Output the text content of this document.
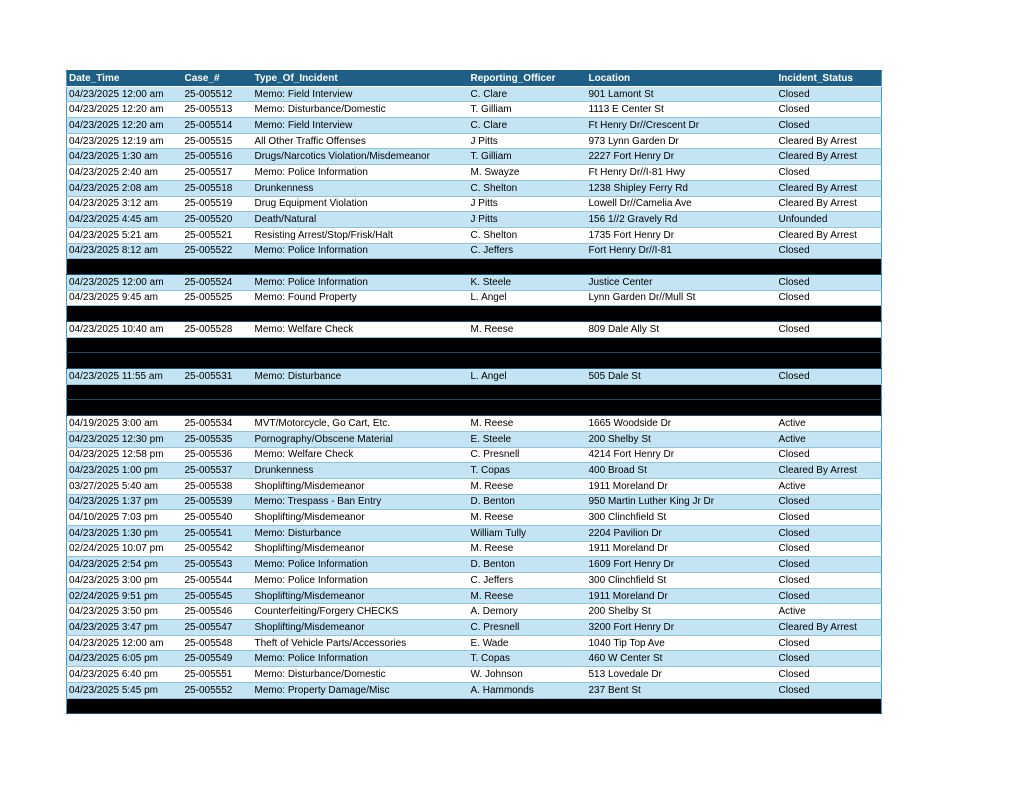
Date_Time	Case_#	Type_Of_Incident	Reporting_Officer	Location	Incident_Status
04/23/2025 12:00 am	25-005512	Memo: Field Interview	C. Clare	901 Lamont St	Closed
04/23/2025 12:20 am	25-005513	Memo: Disturbance/Domestic	T. Gilliam	1113 E Center St	Closed
04/23/2025 12:20 am	25-005514	Memo: Field Interview	C. Clare	Ft Henry Dr//Crescent Dr	Closed
04/23/2025 12:19 am	25-005515	All Other Traffic Offenses	J Pitts	973 Lynn Garden Dr	Cleared By Arrest
04/23/2025 1:30 am	25-005516	Drugs/Narcotics Violation/Misdemeanor	T. Gilliam	2227 Fort Henry Dr	Cleared By Arrest
04/23/2025 2:40 am	25-005517	Memo: Police Information	M. Swayze	Ft Henry Dr//I-81 Hwy	Closed
04/23/2025 2:08 am	25-005518	Drunkenness	C. Shelton	1238 Shipley Ferry Rd	Cleared By Arrest
04/23/2025 3:12 am	25-005519	Drug Equipment Violation	J Pitts	Lowell Dr//Camelia Ave	Cleared By Arrest
04/23/2025 4:45 am	25-005520	Death/Natural	J Pitts	156 1//2 Gravely Rd	Unfounded
04/23/2025 5:21 am	25-005521	Resisting Arrest/Stop/Frisk/Halt	C. Shelton	1735 Fort Henry Dr	Cleared By Arrest
04/23/2025 8:12 am	25-005522	Memo: Police Information	C. Jeffers	Fort Henry Dr//I-81	Closed

04/23/2025 12:00 am	25-005524	Memo: Police Information	K. Steele	Justice Center	Closed
04/23/2025 9:45 am	25-005525	Memo: Found Property	L. Angel	Lynn Garden Dr//Mull St	Closed

04/23/2025 10:40 am	25-005528	Memo: Welfare Check	M. Reese	809 Dale Ally St	Closed

04/23/2025 11:55 am	25-005531	Memo: Disturbance	L. Angel	505 Dale St	Closed

04/19/2025 3:00 am	25-005534	MVT/Motorcycle, Go Cart, Etc.	M. Reese	1665 Woodside Dr	Active
04/23/2025 12:30 pm	25-005535	Pornography/Obscene Material	E. Steele	200 Shelby St	Active
04/23/2025 12:58 pm	25-005536	Memo: Welfare Check	C. Presnell	4214 Fort Henry Dr	Closed
04/23/2025 1:00 pm	25-005537	Drunkenness	T. Copas	400 Broad St	Cleared By Arrest
03/27/2025 5:40 am	25-005538	Shoplifting/Misdemeanor	M. Reese	1911 Moreland Dr	Active
04/23/2025 1:37 pm	25-005539	Memo: Trespass - Ban Entry	D. Benton	950 Martin Luther King Jr Dr	Closed
04/10/2025 7:03 pm	25-005540	Shoplifting/Misdemeanor	M. Reese	300 Clinchfield St	Closed
04/23/2025 1:30 pm	25-005541	Memo: Disturbance	William Tully	2204 Pavilion Dr	Closed
02/24/2025 10:07 pm	25-005542	Shoplifting/Misdemeanor	M. Reese	1911 Moreland Dr	Closed
04/23/2025 2:54 pm	25-005543	Memo: Police Information	D. Benton	1609 Fort Henry Dr	Closed
04/23/2025 3:00 pm	25-005544	Memo: Police Information	C. Jeffers	300 Clinchfield St	Closed
02/24/2025 9:51 pm	25-005545	Shoplifting/Misdemeanor	M. Reese	1911 Moreland Dr	Closed
04/23/2025 3:50 pm	25-005546	Counterfeiting/Forgery CHECKS	A. Demory	200 Shelby St	Active
04/23/2025 3:47 pm	25-005547	Shoplifting/Misdemeanor	C. Presnell	3200 Fort Henry Dr	Cleared By Arrest
04/23/2025 12:00 am	25-005548	Theft of Vehicle Parts/Accessories	E. Wade	1040 Tip Top Ave	Closed
04/23/2025 6:05 pm	25-005549	Memo: Police Information	T. Copas	460 W Center St	Closed
04/23/2025 6:40 pm	25-005551	Memo: Disturbance/Domestic	W. Johnson	513 Lovedale Dr	Closed
04/23/2025 5:45 pm	25-005552	Memo: Property Damage/Misc	A. Hammonds	237 Bent St	Closed
